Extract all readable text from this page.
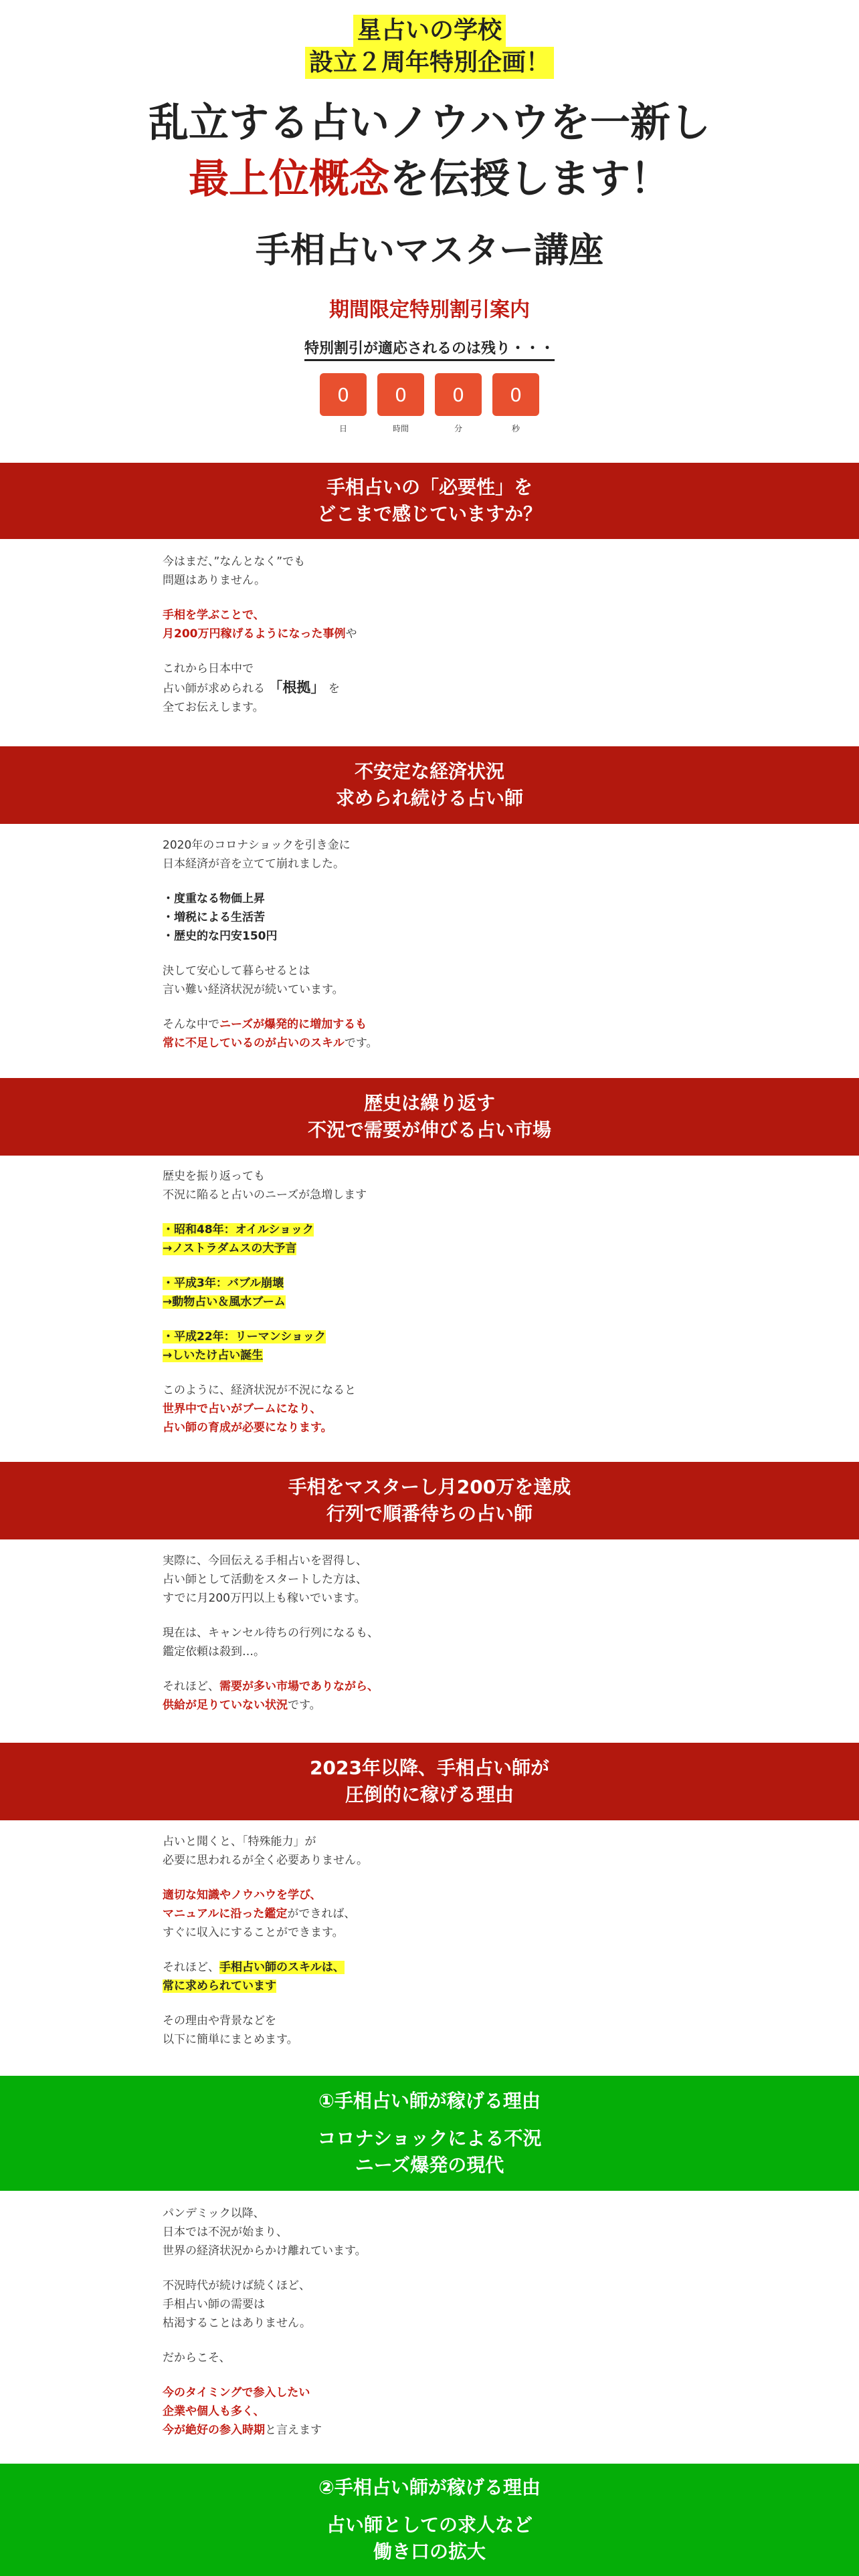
星占いの学校
設立２周年特別企画！

乱立する占いノウハウを一新し

最上位概念を伝授します！

手相占いマスター講座

期間限定特別割引案内
特別割引が適応されるのは残り・・・
0
日
0
時間
0
分
0
秒
手相占いの「必要性」を
どこまで感じていますか？
今はまだ、”なんとなく”でも
問題はありません。
手相を学ぶことで、
月200万円稼げるようになった事例や
これから日本中で
占い師が求められる 「根拠」 を
全てお伝えします。
不安定な経済状況
求められ続ける占い師
2020年のコロナショックを引き金に
日本経済が音を立てて崩れました。
・度重なる物価上昇
・増税による生活苦
・歴史的な円安150円
決して安心して暮らせるとは
言い難い経済状況が続いています。
そんな中でニーズが爆発的に増加するも
常に不足しているのが占いのスキルです。
歴史は繰り返す
不況で需要が伸びる占い市場
歴史を振り返っても
不況に陥ると占いのニーズが急増します
・昭和48年：オイルショック
→ノストラダムスの大予言
・平成3年：バブル崩壊
→動物占い＆風水ブーム
・平成22年：リーマンショック
→しいたけ占い誕生
このように、経済状況が不況になると
世界中で占いがブームになり、
占い師の育成が必要になります。
手相をマスターし月200万を達成
行列で順番待ちの占い師
実際に、今回伝える手相占いを習得し、
占い師として活動をスタートした方は、
すでに月200万円以上も稼いでいます。
現在は、キャンセル待ちの行列になるも、
鑑定依頼は殺到…。
それほど、需要が多い市場でありながら、
供給が足りていない状況です。
2023年以降、手相占い師が
圧倒的に稼げる理由
占いと聞くと、「特殊能力」が
必要に思われるが全く必要ありません。
適切な知識やノウハウを学び、
マニュアルに沿った鑑定ができれば、
すぐに収入にすることができます。
それほど、手相占い師のスキルは、
常に求められています
その理由や背景などを
以下に簡単にまとめます。
①手相占い師が稼げる理由
コロナショックによる不況
ニーズ爆発の現代
パンデミック以降、
日本では不況が始まり、
世界の経済状況からかけ離れています。
不況時代が続けば続くほど、
手相占い師の需要は
枯渇することはありません。
だからこそ、
今のタイミングで参入したい
企業や個人も多く、
今が絶好の参入時期と言えます
②手相占い師が稼げる理由
占い師としての求人など
働き口の拡大
